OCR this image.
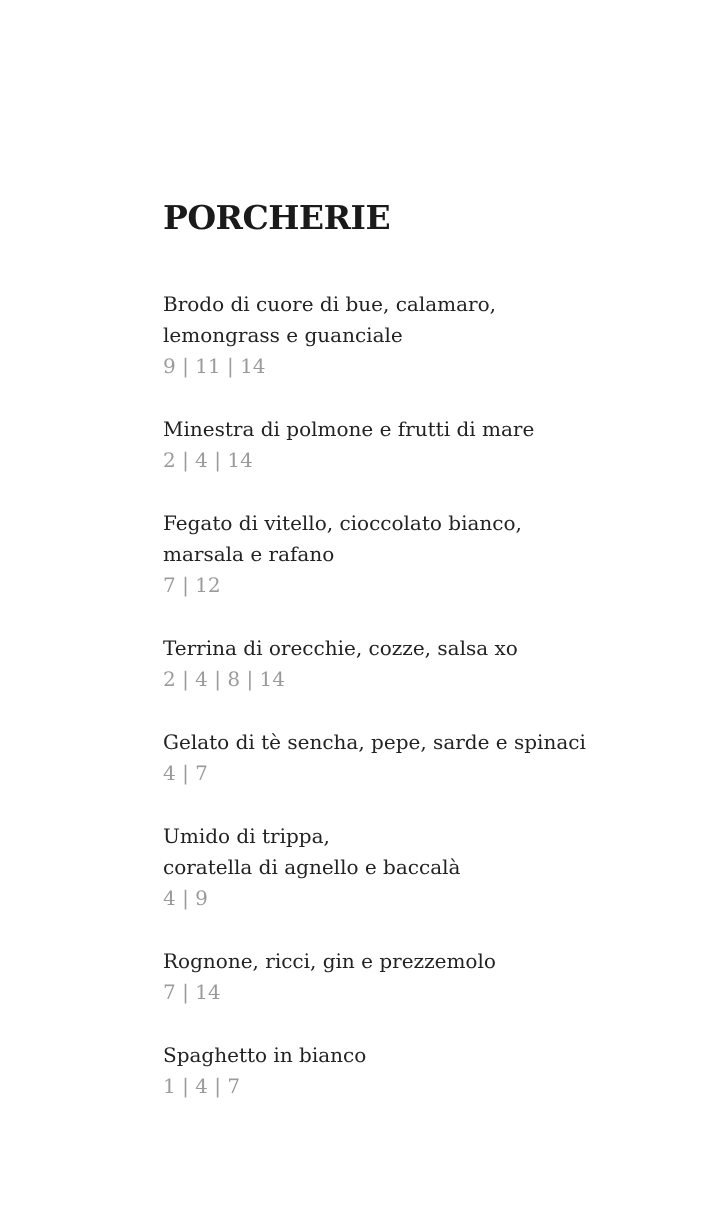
PORCHERIE
Brodo di cuore di bue, calamaro,
lemongrass e guanciale
9 | 11 | 14
Minestra di polmone e frutti di mare
2 | 4 | 14
Fegato di vitello, cioccolato bianco,
marsala e rafano
7 | 12
Terrina di orecchie, cozze, salsa xo
2 | 4 | 8 | 14
Gelato di tè sencha, pepe, sarde e spinaci
4 | 7
Umido di trippa,
coratella di agnello e baccalà
4 | 9
Rognone, ricci, gin e prezzemolo
7 | 14
Spaghetto in bianco
1 | 4 | 7
